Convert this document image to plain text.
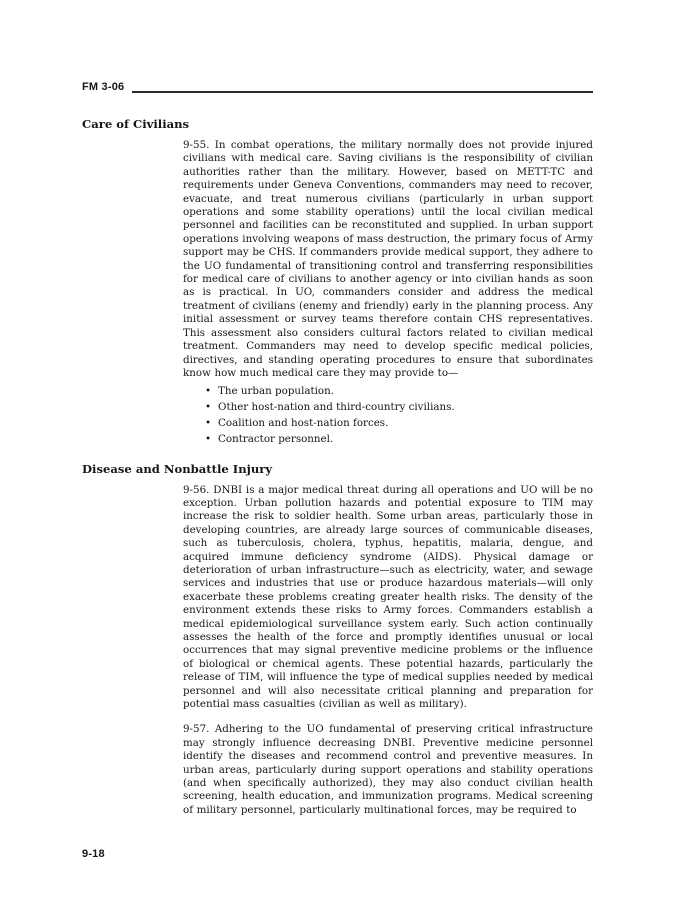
FM 3-06
Care of Civilians

9-55. In combat operations, the military normally does not provide injured civilians with medical care. Saving civilians is the responsibility of civilian authorities rather than the military. However, based on METT-TC and requirements under Geneva Conventions, commanders may need to recover, evacuate, and treat numerous civilians (particularly in urban support operations and some stability operations) until the local civilian medical personnel and facilities can be reconstituted and supplied. In urban support operations involving weapons of mass destruction, the primary focus of Army support may be CHS. If commanders provide medical support, they adhere to the UO fundamental of transitioning control and transferring responsibilities for medical care of civilians to another agency or into civilian hands as soon as is practical. In UO, commanders consider and address the medical treatment of civilians (enemy and friendly) early in the planning process. Any initial assessment or survey teams therefore contain CHS representatives. This assessment also considers cultural factors related to civilian medical treatment. Commanders may need to develop specific medical policies, directives, and standing operating procedures to ensure that subordinates know how much medical care they may provide to—

• The urban population.
• Other host-nation and third-country civilians.
• Coalition and host-nation forces.
• Contractor personnel.
Disease and Nonbattle Injury

9-56. DNBI is a major medical threat during all operations and UO will be no exception. Urban pollution hazards and potential exposure to TIM may increase the risk to soldier health. Some urban areas, particularly those in developing countries, are already large sources of communicable diseases, such as tuberculosis, cholera, typhus, hepatitis, malaria, dengue, and acquired immune deficiency syndrome (AIDS). Physical damage or deterioration of urban infrastructure—such as electricity, water, and sewage services and industries that use or produce hazardous materials—will only exacerbate these problems creating greater health risks. The density of the environment extends these risks to Army forces. Commanders establish a medical epidemiological surveillance system early. Such action continually assesses the health of the force and promptly identifies unusual or local occurrences that may signal preventive medicine problems or the influence of biological or chemical agents. These potential hazards, particularly the release of TIM, will influence the type of medical supplies needed by medical personnel and will also necessitate critical planning and preparation for potential mass casualties (civilian as well as military).

9-57. Adhering to the UO fundamental of preserving critical infrastructure may strongly influence decreasing DNBI. Preventive medicine personnel identify the diseases and recommend control and preventive measures. In urban areas, particularly during support operations and stability operations (and when specifically authorized), they may also conduct civilian health screening, health education, and immunization programs. Medical screening of military personnel, particularly multinational forces, may be required to

9-18
